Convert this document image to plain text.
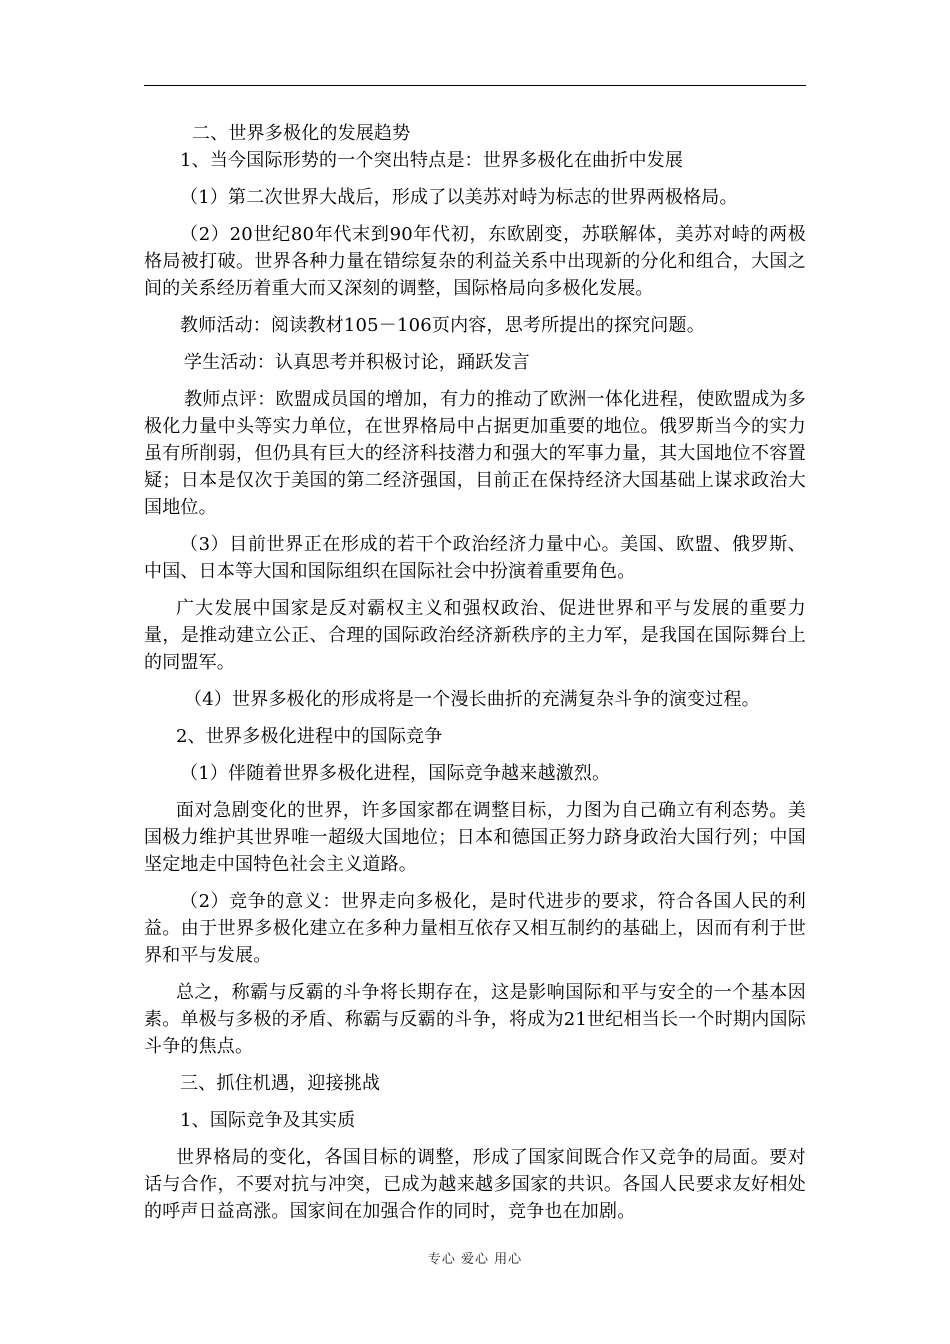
二、世界多极化的发展趋势

1、当今国际形势的一个突出特点是：世界多极化在曲折中发展

（1）第二次世界大战后，形成了以美苏对峙为标志的世界两极格局。

（2）20世纪80年代末到90年代初，东欧剧变，苏联解体，美苏对峙的两极格局被打破。世界各种力量在错综复杂的利益关系中出现新的分化和组合，大国之间的关系经历着重大而又深刻的调整，国际格局向多极化发展。

教师活动：阅读教材105－106页内容，思考所提出的探究问题。

学生活动：认真思考并积极讨论，踊跃发言

教师点评：欧盟成员国的增加，有力的推动了欧洲一体化进程，使欧盟成为多极化力量中头等实力单位，在世界格局中占据更加重要的地位。俄罗斯当今的实力虽有所削弱，但仍具有巨大的经济科技潜力和强大的军事力量，其大国地位不容置疑；日本是仅次于美国的第二经济强国，目前正在保持经济大国基础上谋求政治大国地位。

（3）目前世界正在形成的若干个政治经济力量中心。美国、欧盟、俄罗斯、中国、日本等大国和国际组织在国际社会中扮演着重要角色。

广大发展中国家是反对霸权主义和强权政治、促进世界和平与发展的重要力量，是推动建立公正、合理的国际政治经济新秩序的主力军，是我国在国际舞台上的同盟军。

（4）世界多极化的形成将是一个漫长曲折的充满复杂斗争的演变过程。

2、世界多极化进程中的国际竞争

（1）伴随着世界多极化进程，国际竞争越来越激烈。

面对急剧变化的世界，许多国家都在调整目标，力图为自己确立有利态势。美国极力维护其世界唯一超级大国地位；日本和德国正努力跻身政治大国行列；中国坚定地走中国特色社会主义道路。

（2）竞争的意义：世界走向多极化，是时代进步的要求，符合各国人民的利益。由于世界多极化建立在多种力量相互依存又相互制约的基础上，因而有利于世界和平与发展。

总之，称霸与反霸的斗争将长期存在，这是影响国际和平与安全的一个基本因素。单极与多极的矛盾、称霸与反霸的斗争，将成为21世纪相当长一个时期内国际斗争的焦点。

三、抓住机遇，迎接挑战

1、国际竞争及其实质

世界格局的变化，各国目标的调整，形成了国家间既合作又竞争的局面。要对话与合作，不要对抗与冲突，已成为越来越多国家的共识。各国人民要求友好相处的呼声日益高涨。国家间在加强合作的同时，竞争也在加剧。

专心 爱心 用心
